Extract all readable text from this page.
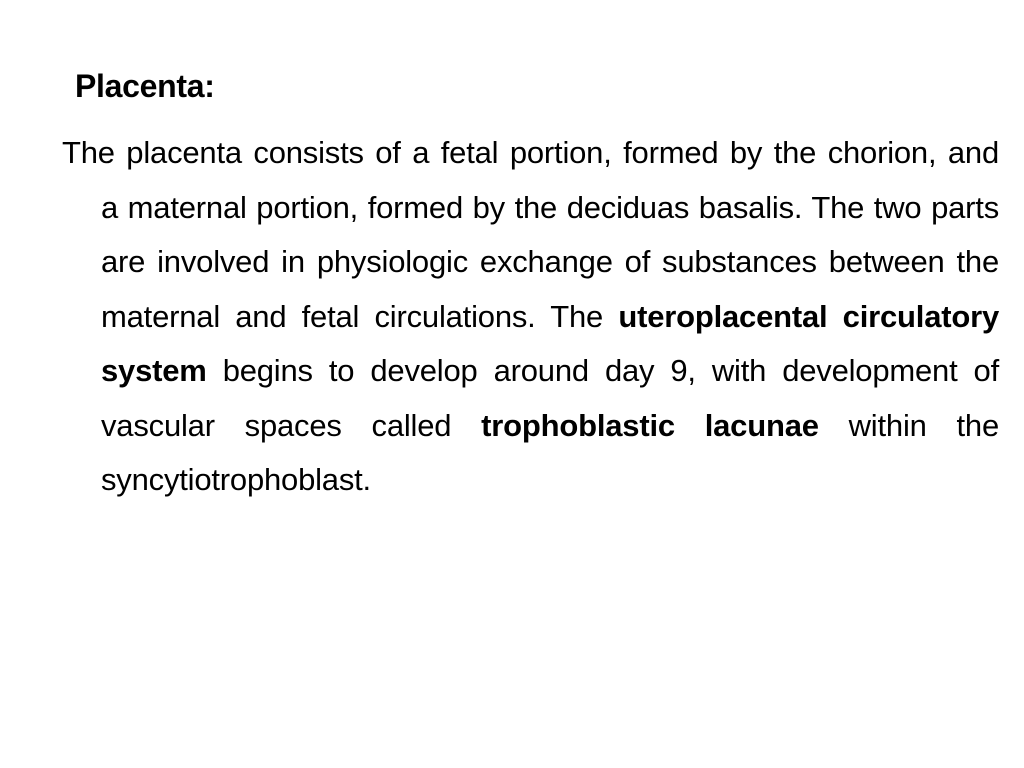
Placenta:

The placenta consists of a fetal portion, formed by the chorion, and a maternal portion, formed by the deciduas basalis. The two parts are involved in physiologic exchange of substances between the maternal and fetal circulations. The uteroplacental circulatory system begins to develop around day 9, with development of vascular spaces called trophoblastic lacunae within the syncytiotrophoblast.
